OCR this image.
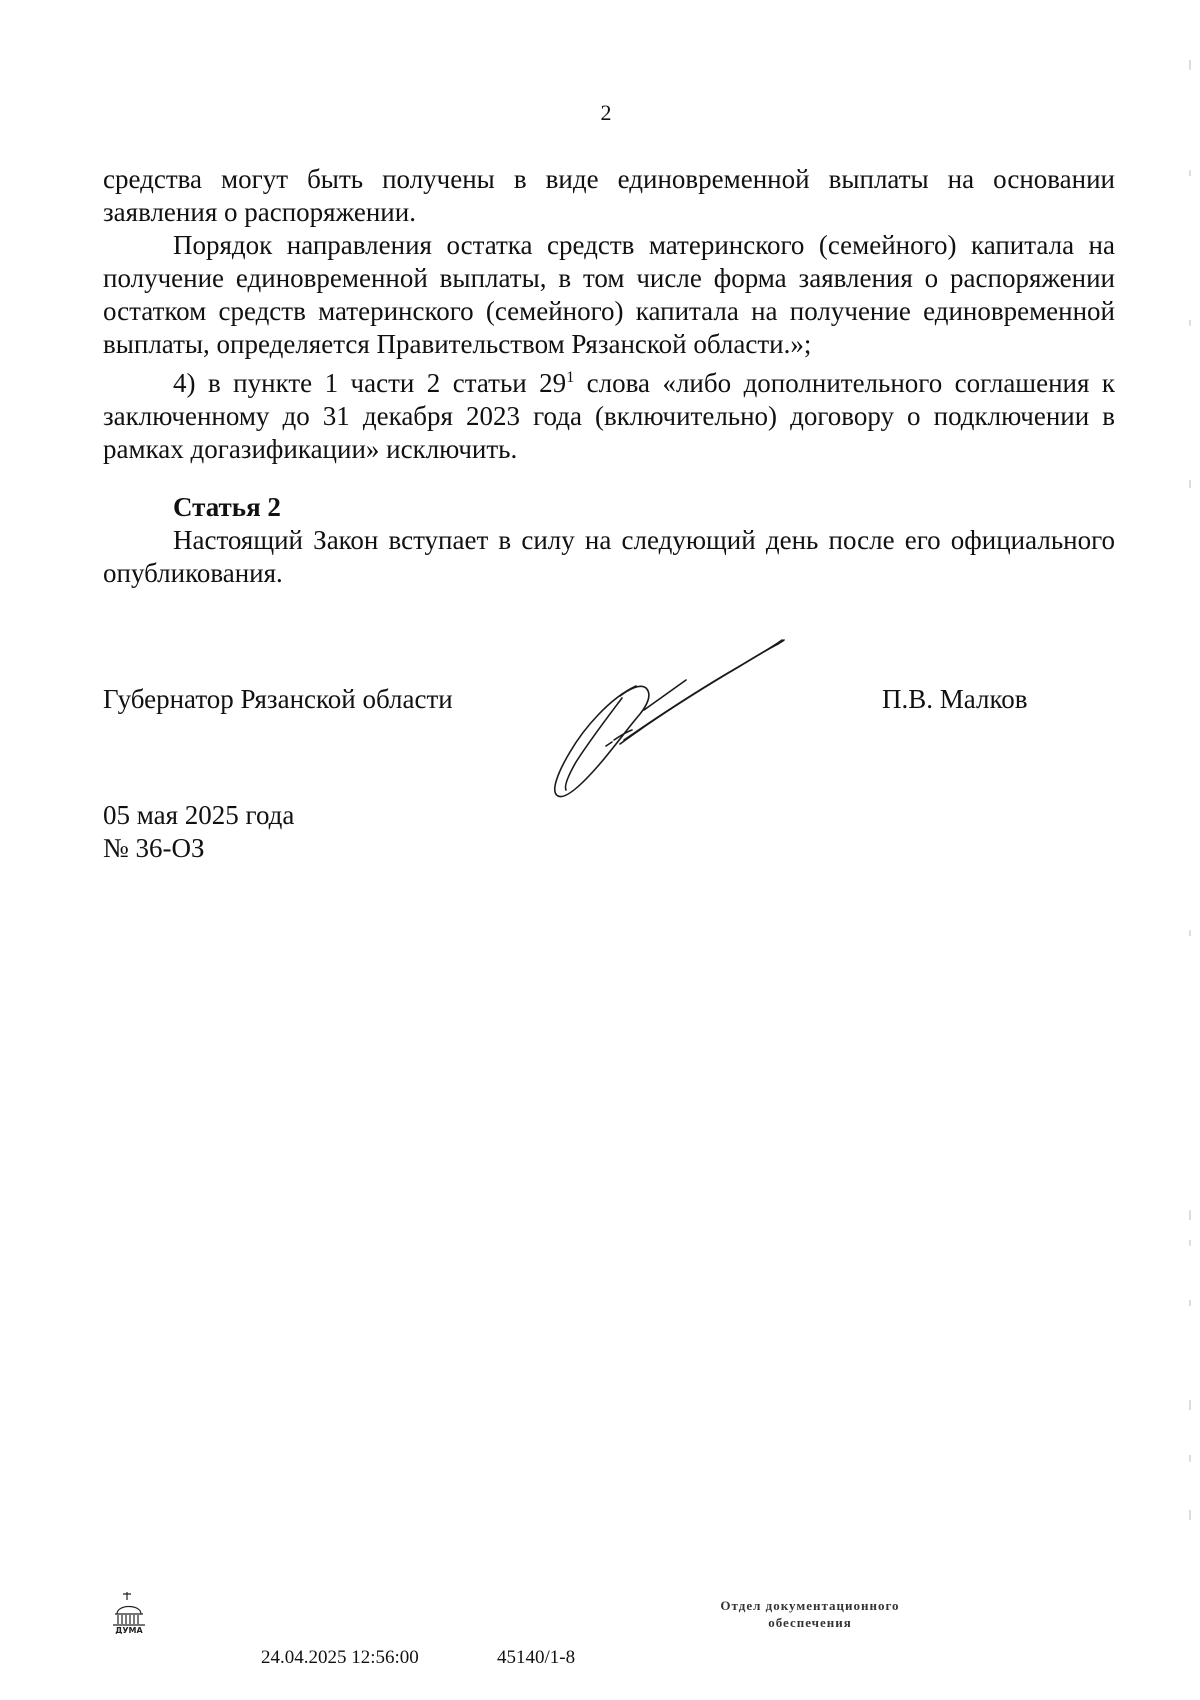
2

средства могут быть получены в виде единовременной выплаты на основании заявления о распоряжении.

Порядок направления остатка средств материнского (семейного) капитала на получение единовременной выплаты, в том числе форма заявления о распоряжении остатком средств материнского (семейного) капитала на получение единовременной выплаты, определяется Правительством Рязанской области.»;

4) в пункте 1 части 2 статьи $29^1$ слова «либо дополнительного соглашения к заключенному до 31 декабря 2023 года (включительно) договору о подключении в рамках догазификации» исключить.

Статья 2

Настоящий Закон вступает в силу на следующий день после его официального опубликования.

Губернатор Рязанской области	П.В. Малков
05 мая 2025 года
№ 36-ОЗ
ДУМА
24.04.2025 12:56:00	45140/1-8
Отдел документационного
обеспечения
